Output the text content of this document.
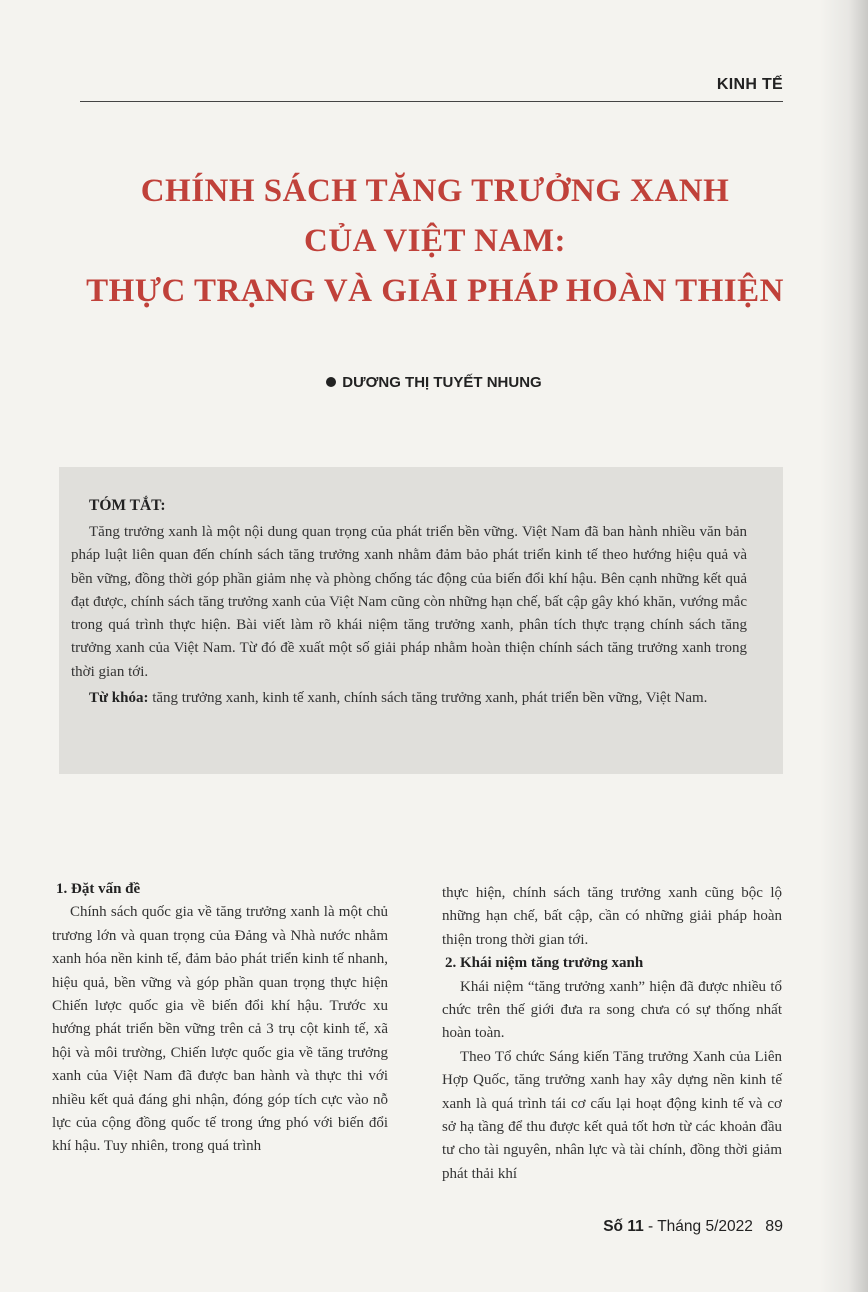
KINH TẾ
CHÍNH SÁCH TĂNG TRƯỞNG XANH
CỦA VIỆT NAM:
THỰC TRẠNG VÀ GIẢI PHÁP HOÀN THIỆN
DƯƠNG THỊ TUYẾT NHUNG
TÓM TẮT:

Tăng trưởng xanh là một nội dung quan trọng của phát triển bền vững. Việt Nam đã ban hành nhiều văn bản pháp luật liên quan đến chính sách tăng trưởng xanh nhằm đảm bảo phát triển kinh tế theo hướng hiệu quả và bền vững, đồng thời góp phần giảm nhẹ và phòng chống tác động của biến đổi khí hậu. Bên cạnh những kết quả đạt được, chính sách tăng trưởng xanh của Việt Nam cũng còn những hạn chế, bất cập gây khó khăn, vướng mắc trong quá trình thực hiện. Bài viết làm rõ khái niệm tăng trưởng xanh, phân tích thực trạng chính sách tăng trưởng xanh của Việt Nam. Từ đó đề xuất một số giải pháp nhằm hoàn thiện chính sách tăng trưởng xanh trong thời gian tới.

Từ khóa: tăng trưởng xanh, kinh tế xanh, chính sách tăng trưởng xanh, phát triển bền vững, Việt Nam.

1. Đặt vấn đề

Chính sách quốc gia về tăng trưởng xanh là một chủ trương lớn và quan trọng của Đảng và Nhà nước nhằm xanh hóa nền kinh tế, đảm bảo phát triển kinh tế nhanh, hiệu quả, bền vững và góp phần quan trọng thực hiện Chiến lược quốc gia về biến đổi khí hậu. Trước xu hướng phát triển bền vững trên cả 3 trụ cột kinh tế, xã hội và môi trường, Chiến lược quốc gia về tăng trưởng xanh của Việt Nam đã được ban hành và thực thi với nhiều kết quả đáng ghi nhận, đóng góp tích cực vào nỗ lực của cộng đồng quốc tế trong ứng phó với biến đổi khí hậu. Tuy nhiên, trong quá trình

thực hiện, chính sách tăng trưởng xanh cũng bộc lộ những hạn chế, bất cập, cần có những giải pháp hoàn thiện trong thời gian tới.

2. Khái niệm tăng trưởng xanh

Khái niệm “tăng trưởng xanh” hiện đã được nhiều tổ chức trên thế giới đưa ra song chưa có sự thống nhất hoàn toàn.

Theo Tổ chức Sáng kiến Tăng trưởng Xanh của Liên Hợp Quốc, tăng trưởng xanh hay xây dựng nền kinh tế xanh là quá trình tái cơ cấu lại hoạt động kinh tế và cơ sở hạ tầng để thu được kết quả tốt hơn từ các khoản đầu tư cho tài nguyên, nhân lực và tài chính, đồng thời giảm phát thải khí

Số 11 - Tháng 5/2022 89
